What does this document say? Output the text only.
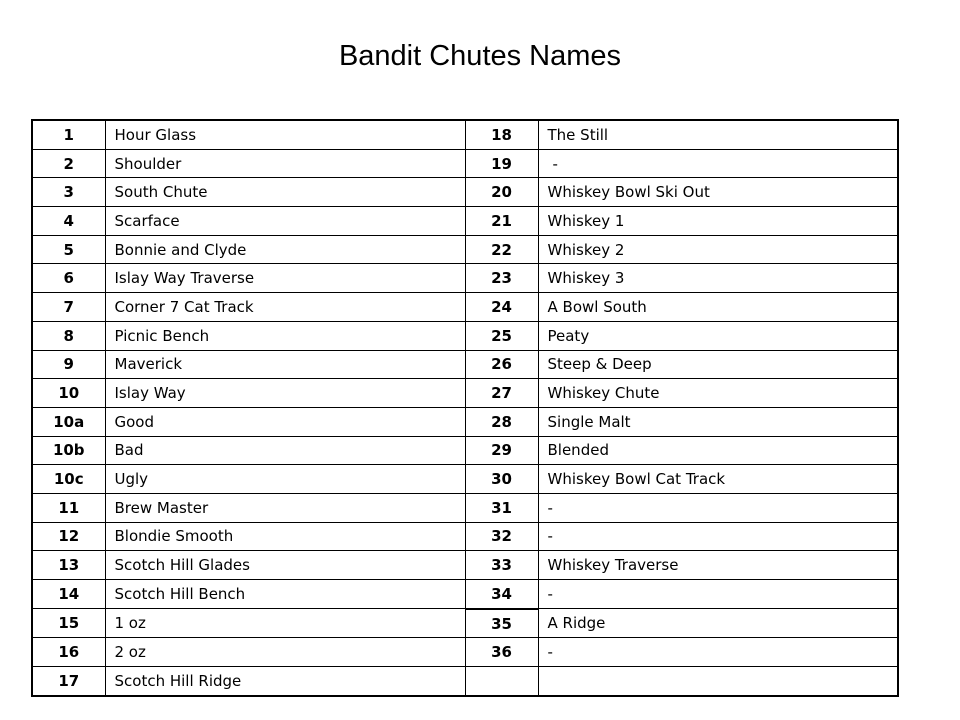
Bandit Chutes Names
1	Hour Glass	18	The Still
2	Shoulder	19	-
3	South Chute	20	Whiskey Bowl Ski Out
4	Scarface	21	Whiskey 1
5	Bonnie and Clyde	22	Whiskey 2
6	Islay Way Traverse	23	Whiskey 3
7	Corner 7 Cat Track	24	A Bowl South
8	Picnic Bench	25	Peaty
9	Maverick	26	Steep & Deep
10	Islay Way	27	Whiskey Chute
10a	Good	28	Single Malt
10b	Bad	29	Blended
10c	Ugly	30	Whiskey Bowl Cat Track
11	Brew Master	31	-
12	Blondie Smooth	32	-
13	Scotch Hill Glades	33	Whiskey Traverse
14	Scotch Hill Bench	34	-
15	1 oz	35	A Ridge
16	2 oz	36	-
17	Scotch Hill Ridge		
